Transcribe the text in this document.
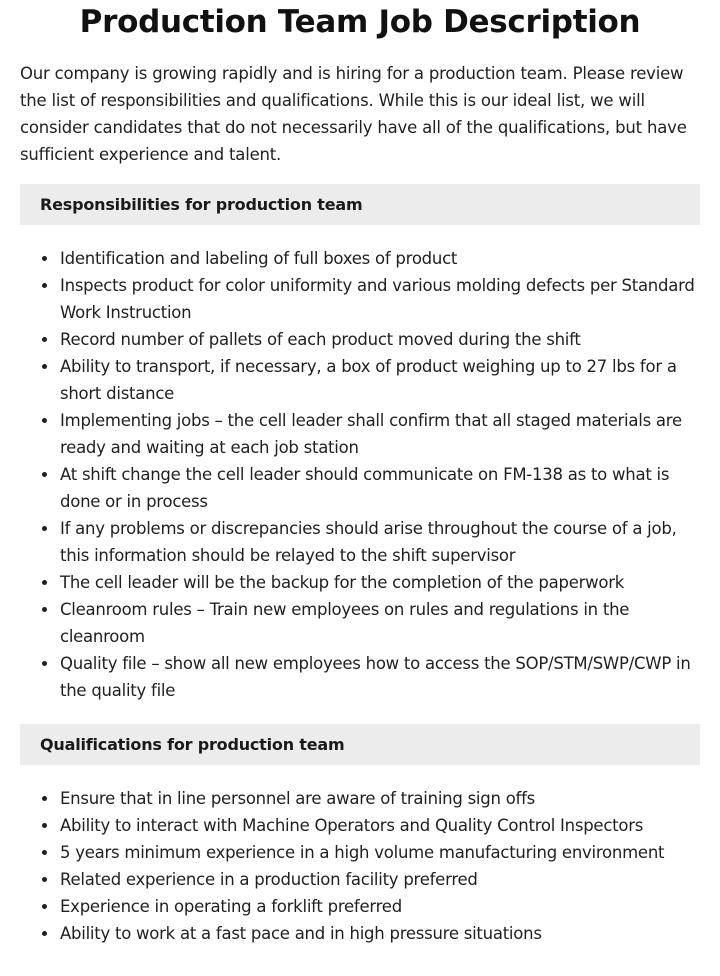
Production Team Job Description

Our company is growing rapidly and is hiring for a production team. Please review the list of responsibilities and qualifications. While this is our ideal list, we will consider candidates that do not necessarily have all of the qualifications, but have sufficient experience and talent.

Responsibilities for production team
Identification and labeling of full boxes of product
Inspects product for color uniformity and various molding defects per Standard Work Instruction
Record number of pallets of each product moved during the shift
Ability to transport, if necessary, a box of product weighing up to 27 lbs for a short distance
Implementing jobs – the cell leader shall confirm that all staged materials are ready and waiting at each job station
At shift change the cell leader should communicate on FM-138 as to what is done or in process
If any problems or discrepancies should arise throughout the course of a job, this information should be relayed to the shift supervisor
The cell leader will be the backup for the completion of the paperwork
Cleanroom rules – Train new employees on rules and regulations in the cleanroom
Quality file – show all new employees how to access the SOP/STM/SWP/CWP in the quality file
Qualifications for production team
Ensure that in line personnel are aware of training sign offs
Ability to interact with Machine Operators and Quality Control Inspectors
5 years minimum experience in a high volume manufacturing environment
Related experience in a production facility preferred
Experience in operating a forklift preferred
Ability to work at a fast pace and in high pressure situations
